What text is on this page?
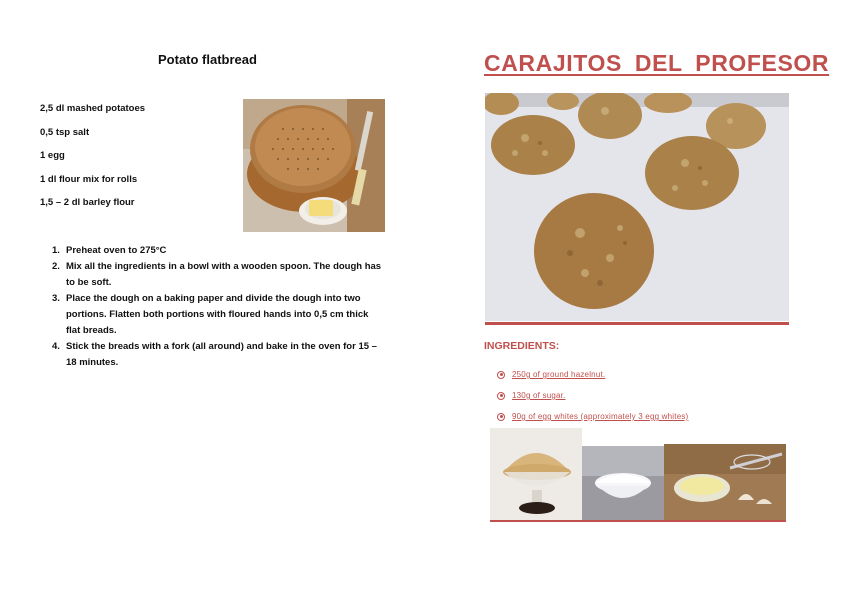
Potato flatbread
2,5 dl mashed potatoes
0,5 tsp salt
1 egg
1 dl flour mix for rolls
1,5 – 2 dl barley flour
1. Preheat oven to 275°C
2. Mix all the ingredients in a bowl with a wooden spoon. The dough has to be soft.
3. Place the dough on a baking paper and divide the dough into two portions. Flatten both portions with floured hands into 0,5 cm thick flat breads.
4. Stick the breads with a fork (all around) and bake in the oven for 15 – 18 minutes.
CARAJITOS DEL PROFESOR
INGREDIENTS:
250g of ground hazelnut.
130g of sugar.
90g of egg whites (approximately 3 egg whites)
